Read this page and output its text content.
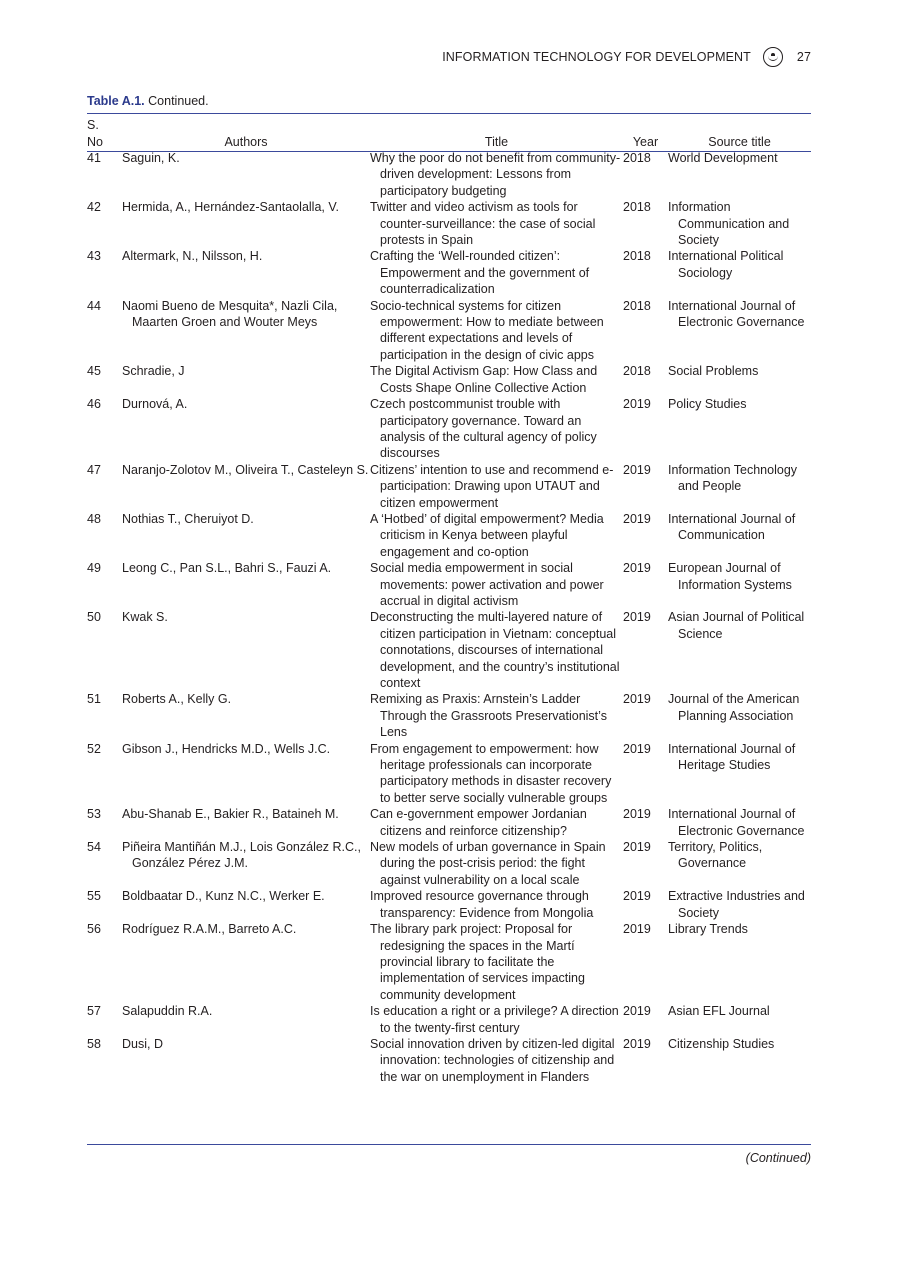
INFORMATION TECHNOLOGY FOR DEVELOPMENT	27
Table A.1. Continued.
S.
No	Authors	Title	Year	Source title
41	Saguin, K.	Why the poor do not benefit from community-driven development: Lessons from participatory budgeting	2018	World Development
42	Hermida, A., Hernández-Santaolalla, V.	Twitter and video activism as tools for counter-surveillance: the case of social protests in Spain	2018	Information Communication and Society
43	Altermark, N., Nilsson, H.	Crafting the ‘Well-rounded citizen’: Empowerment and the government of counterradicalization	2018	International Political Sociology
44	Naomi Bueno de Mesquita*, Nazli Cila, Maarten Groen and Wouter Meys	Socio-technical systems for citizen empowerment: How to mediate between different expectations and levels of participation in the design of civic apps	2018	International Journal of Electronic Governance
45	Schradie, J	The Digital Activism Gap: How Class and Costs Shape Online Collective Action	2018	Social Problems
46	Durnová, A.	Czech postcommunist trouble with participatory governance. Toward an analysis of the cultural agency of policy discourses	2019	Policy Studies
47	Naranjo-Zolotov M., Oliveira T., Casteleyn S.	Citizens’ intention to use and recommend e-participation: Drawing upon UTAUT and citizen empowerment	2019	Information Technology and People
48	Nothias T., Cheruiyot D.	A ‘Hotbed’ of digital empowerment? Media criticism in Kenya between playful engagement and co-option	2019	International Journal of Communication
49	Leong C., Pan S.L., Bahri S., Fauzi A.	Social media empowerment in social movements: power activation and power accrual in digital activism	2019	European Journal of Information Systems
50	Kwak S.	Deconstructing the multi-layered nature of citizen participation in Vietnam: conceptual connotations, discourses of international development, and the country’s institutional context	2019	Asian Journal of Political Science
51	Roberts A., Kelly G.	Remixing as Praxis: Arnstein’s Ladder Through the Grassroots Preservationist’s Lens	2019	Journal of the American Planning Association
52	Gibson J., Hendricks M.D., Wells J.C.	From engagement to empowerment: how heritage professionals can incorporate participatory methods in disaster recovery to better serve socially vulnerable groups	2019	International Journal of Heritage Studies
53	Abu-Shanab E., Bakier R., Bataineh M.	Can e-government empower Jordanian citizens and reinforce citizenship?	2019	International Journal of Electronic Governance
54	Piñeira Mantiñán M.J., Lois González R.C., González Pérez J.M.	New models of urban governance in Spain during the post-crisis period: the fight against vulnerability on a local scale	2019	Territory, Politics, Governance
55	Boldbaatar D., Kunz N.C., Werker E.	Improved resource governance through transparency: Evidence from Mongolia	2019	Extractive Industries and Society
56	Rodríguez R.A.M., Barreto A.C.	The library park project: Proposal for redesigning the spaces in the Martí provincial library to facilitate the implementation of services impacting community development	2019	Library Trends
57	Salapuddin R.A.	Is education a right or a privilege? A direction to the twenty-first century	2019	Asian EFL Journal
58	Dusi, D	Social innovation driven by citizen-led digital innovation: technologies of citizenship and the war on unemployment in Flanders	2019	Citizenship Studies
(Continued)
